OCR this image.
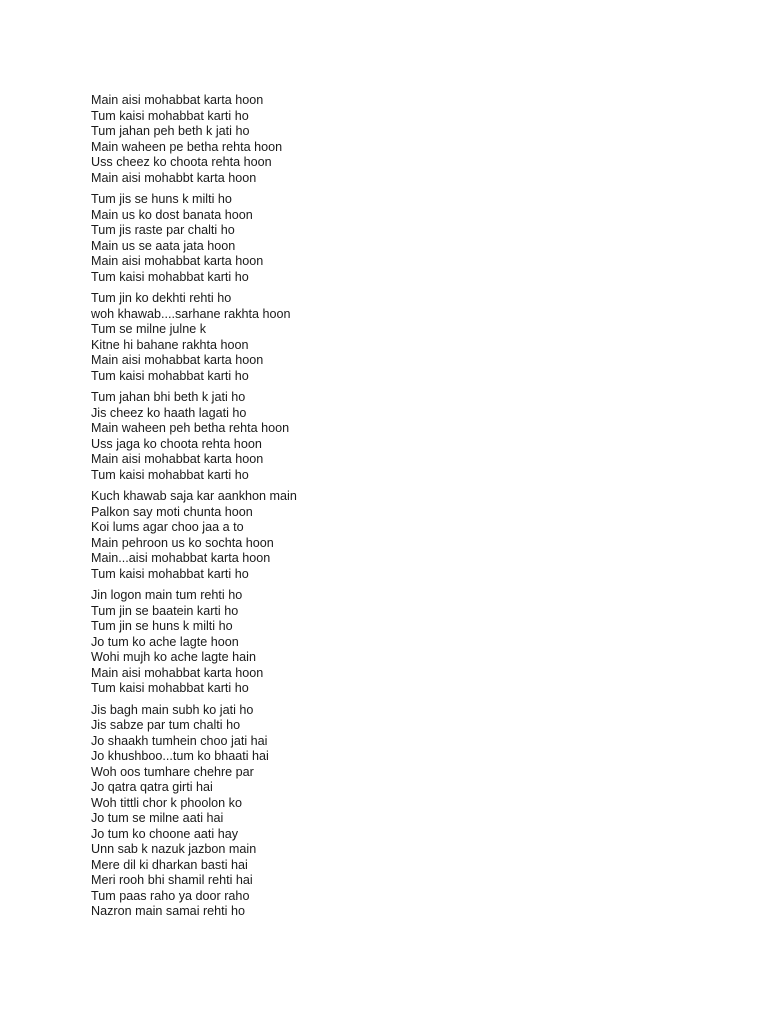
Main aisi mohabbat karta hoon
Tum kaisi mohabbat karti ho
Tum jahan peh beth k jati ho
Main waheen pe betha rehta hoon
Uss cheez ko choota rehta hoon
Main aisi mohabbt karta hoon
Tum jis se huns k milti ho
Main us ko dost banata hoon
Tum jis raste par chalti ho
Main us se aata jata hoon
Main aisi mohabbat karta hoon
Tum kaisi mohabbat karti ho
Tum jin ko dekhti rehti ho
woh khawab....sarhane rakhta hoon
Tum se milne julne k
Kitne hi bahane rakhta hoon
Main aisi mohabbat karta hoon
Tum kaisi mohabbat karti ho
Tum jahan bhi beth k jati ho
Jis cheez ko haath lagati ho
Main waheen peh betha rehta hoon
Uss jaga ko choota rehta hoon
Main aisi mohabbat karta hoon
Tum kaisi mohabbat karti ho
Kuch khawab saja kar aankhon main
Palkon say moti chunta hoon
Koi lums agar choo jaa a to
Main pehroon us ko sochta hoon
Main...aisi mohabbat karta hoon
Tum kaisi mohabbat karti ho
Jin logon main tum rehti ho
Tum jin se baatein karti ho
Tum jin se huns k milti ho
Jo tum ko ache lagte hoon
Wohi mujh ko ache lagte hain
Main aisi mohabbat karta hoon
Tum kaisi mohabbat karti ho
Jis bagh main subh ko jati ho
Jis sabze par tum chalti ho
Jo shaakh tumhein choo jati hai
Jo khushboo...tum ko bhaati hai
Woh oos tumhare chehre par
Jo qatra qatra girti hai
Woh tittli chor k phoolon ko
Jo tum se milne aati hai
Jo tum ko choone aati hay
Unn sab k nazuk jazbon main
Mere dil ki dharkan basti hai
Meri rooh bhi shamil rehti hai
Tum paas raho ya door raho
Nazron main samai rehti ho
